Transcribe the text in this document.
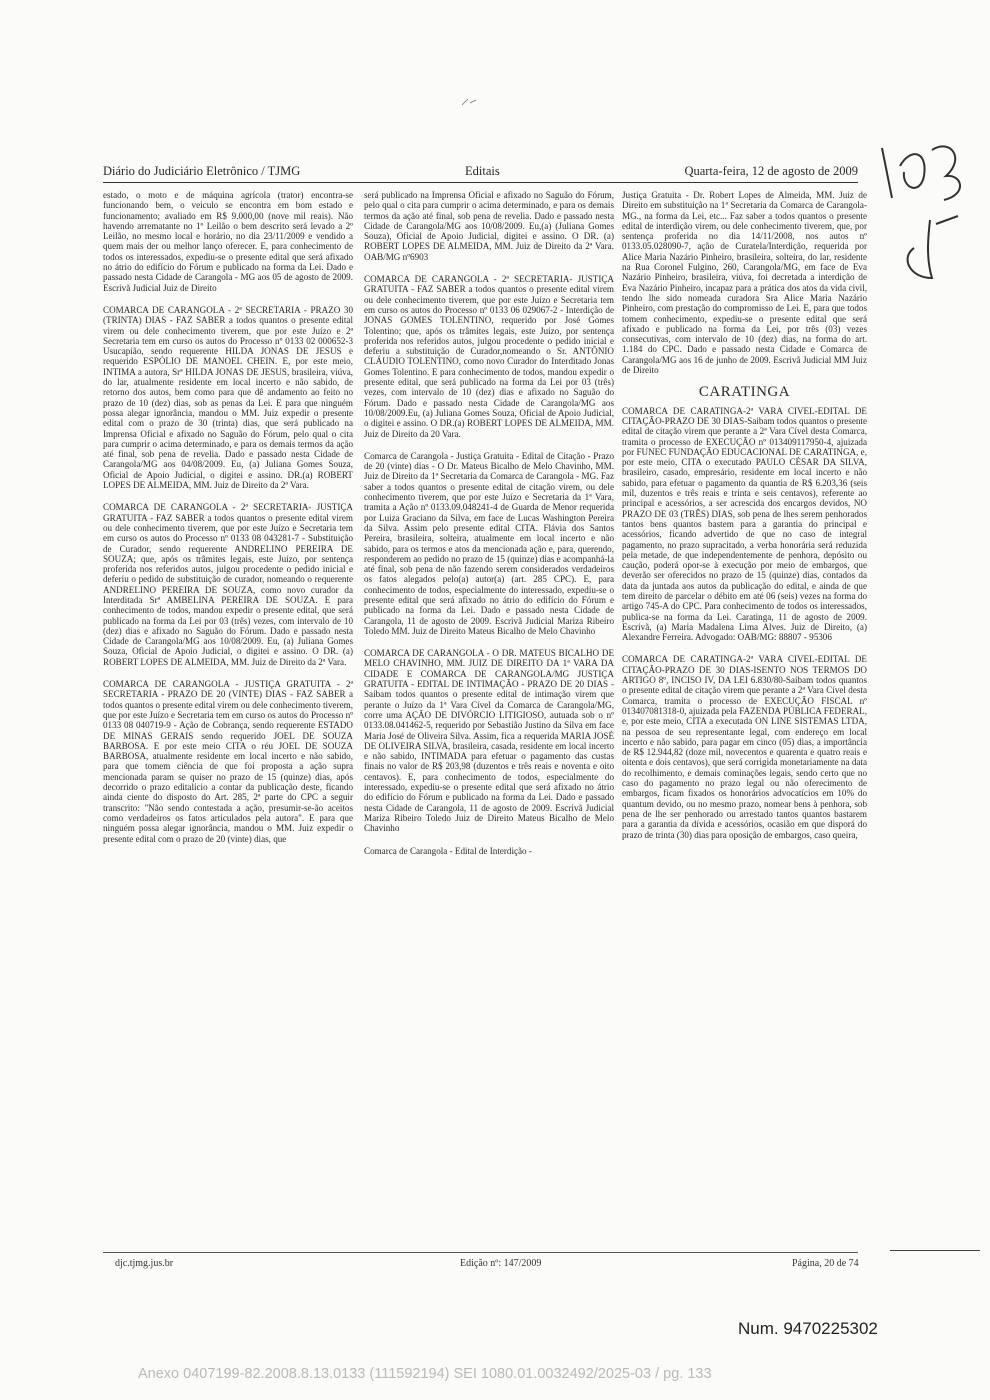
Diário do Judiciário Eletrônico / TJMG	Editais	Quarta-feira, 12 de agosto de 2009

estado, o moto e de máquina agrícola (trator) encontra-se funcionando bem, o veiculo se encontra em bom estado e funcionamento; avaliado em R$ 9.000,00 (nove mil reais). Não havendo arrematante no 1º Leilão o bem descrito será levado a 2º Leilão, no mesmo local e horário, no dia 23/11/2009 e vendido a quem mais der ou melhor lanço oferecer. E, para conhecimento de todos os interessados, expediu-se o presente edital que será afixado no átrio do edifício do Fórum e publicado na forma da Lei. Dado e passado nesta Cidade de Carangola - MG aos 05 de agosto de 2009. Escrivã Judicial Juiz de Direito

COMARCA DE CARANGOLA - 2ª SECRETARIA - PRAZO 30 (TRINTA) DIAS - FAZ SABER a todos quantos o presente edital virem ou dele conhecimento tiverem, que por este Juízo e 2ª Secretaria tem em curso os autos do Processo nº 0133 02 000652-3 Usucapião, sendo requerente HILDA JONAS DE JESUS e requerido ESPÓLIO DE MANOEL CHEIN. E, por este meio, INTIMA a autora, Srª HILDA JONAS DE JESUS, brasileira, viúva, do lar, atualmente residente em local incerto e não sabido, de retorno dos autos, bem como para que dê andamento ao feito no prazo de 10 (dez) dias, sob as penas da Lei. E para que ninguém possa alegar ignorância, mandou o MM. Juiz expedir o presente edital com o prazo de 30 (trinta) dias, que será publicado na Imprensa Oficial e afixado no Saguão do Fórum, pelo qual o cita para cumprir o acima determinado, e para os demais termos da ação até final, sob pena de revelia. Dado e passado nesta Cidade de Carangola/MG aos 04/08/2009. Eu, (a) Juliana Gomes Souza, Oficial de Apoio Judicial, o digitei e assino. DR.(a) ROBERT LOPES DE ALMEIDA, MM. Juiz de Direito da 2ª Vara.

COMARCA DE CARANGOLA - 2ª SECRETARIA- JUSTIÇA GRATUITA - FAZ SABER a todos quantos o presente edital virem ou dele conhecimento tiverem, que por este Juízo e Secretaria tem em curso os autos do Processo nº 0133 08 043281-7 - Substituição de Curador, sendo requerente ANDRELINO PEREIRA DE SOUZA; que, após os trâmites legais, este Juízo, por sentença proferida nos referidos autos, julgou procedente o pedido inicial e deferiu o pedido de substituição de curador, nomeando o requerente ANDRELINO PEREIRA DE SOUZA, como novo curador da Interditada Srª AMBELINA PEREIRA DE SOUZA. E para conhecimento de todos, mandou expedir o presente edital, que será publicado na forma da Lei por 03 (três) vezes, com intervalo de 10 (dez) dias e afixado no Saguão do Fórum. Dado e passado nesta Cidade de Carangola/MG aos 10/08/2009. Eu, (a) Juliana Gomes Souza, Oficial de Apoio Judicial, o digitei e assino. O DR. (a) ROBERT LOPES DE ALMEIDA, MM. Juiz de Direito da 2ª Vara.

COMARCA DE CARANGOLA - JUSTIÇA GRATUITA - 2ª SECRETARIA - PRAZO DE 20 (VINTE) DIAS - FAZ SABER a todos quantos o presente edital virem ou dele conhecimento tiverem, que por este Juízo e Secretaria tem em curso os autos do Processo nº 0133 08 040719-9 - Ação de Cobrança, sendo requerente ESTADO DE MINAS GERAIS sendo requerido JOEL DE SOUZA BARBOSA. E por este meio CITA o réu JOEL DE SOUZA BARBOSA, atualmente residente em local incerto e não sabido, para que tomem ciência de que foi proposta a ação supra mencionada param se quiser no prazo de 15 (quinze) dias, após decorrido o prazo editalício a contar da publicação deste, ficando ainda ciente do disposto do Art. 285, 2ª parte do CPC a seguir transcrito: "Não sendo contestada a ação, presumir-se-ão aceitos como verdadeiros os fatos articulados pela autora". E para que ninguém possa alegar ignorância, mandou o MM. Juiz expedir o presente edital com o prazo de 20 (vinte) dias, que

será publicado na Imprensa Oficial e afixado no Saguão do Fórum, pelo qual o cita para cumprir o acima determinado, e para os demais termos da ação até final, sob pena de revelia. Dado e passado nesta Cidade de Carangola/MG aos 10/08/2009. Eu,(a) (Juliana Gomes Souza), Oficial de Apoio Judicial, digitei e assino. O DR. (a) ROBERT LOPES DE ALMEIDA, MM. Juiz de Direito da 2ª Vara. OAB/MG nº6903

COMARCA DE CARANGOLA - 2ª SECRETARIA- JUSTIÇA GRATUITA - FAZ SABER a todos quantos o presente edital virem ou dele conhecimento tiverem, que por este Juízo e Secretaria tem em curso os autos do Processo nº 0133 06 029067-2 - Interdição de JONAS GOMES TOLENTINO, requerido por José Gomes Tolentino; que, após os trâmites legais, este Juízo, por sentença proferida nos referidos autos, julgou procedente o pedido inicial e deferiu a substituição de Curador,nomeando o Sr. ANTÔNIO CLÁUDIO TOLENTINO, como novo Curador do Interditado Jonas Gomes Tolentino. E para conhecimento de todos, mandou expedir o presente edital, que será publicado na forma da Lei por 03 (três) vezes, com intervalo de 10 (dez) dias e afixado no Saguão do Fórum. Dado e passado nesta Cidade de Carangola/MG aos 10/08/2009.Eu, (a) Juliana Gomes Souza, Oficial de Apoio Judicial, o digitei e assino. O DR.(a) ROBERT LOPES DE ALMEIDA, MM. Juiz de Direito da 20 Vara.

Comarca de Carangola - Justiça Gratuita - Edital de Citação - Prazo de 20 (vinte) dias - O Dr. Mateus Bicalho de Melo Chavinho, MM. Juiz de Direito da 1ª Secretaria da Comarca de Carangola - MG. Faz saber a todos quantos o presente edital de citação virem, ou dele conhecimento tiverem, que por este Juízo e Secretaria da 1ª Vara, tramita a Ação nº 0133.09.048241-4 de Guarda de Menor requerida por Luiza Graciano da Silva, em face de Lucas Washington Pereira da Silva. Assim pelo presente edital CITA. Flávia dos Santos Pereira, brasileira, solteira, atualmente em local incerto e não sabido, para os termos e atos da mencionada ação e, para, querendo, responderem ao pedido no prazo de 15 (quinze) dias e acompanhá-la até final, sob pena de não fazendo serem considerados verdadeiros os fatos alegados pelo(a) autor(a) (art. 285 CPC). E, para conhecimento de todos, especialmente do interessado, expediu-se o presente edital que será afixado no átrio do edifício do Fórum e publicado na forma da Lei. Dado e passado nesta Cidade de Carangola, 11 de agosto de 2009. Escrivã Judicial Mariza Ribeiro Toledo MM. Juiz de Direito Mateus Bicalho de Melo Chavinho

COMARCA DE CARANGOLA - O DR. MATEUS BICALHO DE MELO CHAVINHO, MM. JUIZ DE DIREITO DA 1ª VARA DA CIDADE E COMARCA DE CARANGOLA/MG JUSTIÇA GRATUITA - EDITAL DE INTIMAÇÃO - PRAZO DE 20 DIAS - Saibam todos quantos o presente edital de intimação virem que perante o Juízo da 1ª Vara Cível da Comarca de Carangola/MG, corre uma AÇÃO DE DIVÓRCIO LITIGIOSO, autuada sob o nº 0133.08.041462-5, requerido por Sebastião Justino da Silva em face Maria José de Oliveira Silva. Assim, fica a requerida MARIA JOSÉ DE OLIVEIRA SILVA, brasileira, casada, residente em local incerto e não sabido, INTIMADA para efetuar o pagamento das custas finais no valor de R$ 203,98 (duzentos e três reais e noventa e oito centavos). E, para conhecimento de todos, especialmente do interessado, expediu-se o presente edital que será afixado no átrio do edifício do Fórum e publicado na forma da Lei. Dado e passado nesta Cidade de Carangola, 11 de agosto de 2009. Escrivã Judicial Mariza Ribeiro Toledo Juiz de Direito Mateus Bicalho de Melo Chavinho

Comarca de Carangola - Edital de Interdição -

Justiça Gratuita - Dr. Robert Lopes de Almeida, MM. Juiz de Direito em substituição na 1ª Secretaria da Comarca de Carangola-MG., na forma da Lei, etc... Faz saber a todos quantos o presente edital de interdição virem, ou dele conhecimento tiverem, que, por sentença proferida no dia 14/11/2008, nos autos nº 0133.05.028090-7, ação de Curatela/Interdição, requerida por Alice Maria Nazário Pinheiro, brasileira, solteira, do lar, residente na Rua Coronel Fulgino, 260, Carangola/MG, em face de Eva Nazário Pinheiro, brasileira, viúva, foi decretada a interdição de Eva Nazário Pinheiro, incapaz para a prática dos atos da vida civil, tendo lhe sido nomeada curadora Sra Alice Maria Nazário Pinheiro, com prestação do compromisso de Lei. E, para que todos tomem conhecimento, expediu-se o presente edital que será afixado e publicado na forma da Lei, por três (03) vezes consecutivas, com intervalo de 10 (dez) dias, na forma do art. 1.184 do CPC. Dado e passado nesta Cidade e Comarca de Carangola/MG aos 16 de junho de 2009. Escrivã Judicial MM Juiz de Direito

CARATINGA

COMARCA DE CARATINGA-2ª VARA CIVEL-EDITAL DE CITAÇÃO-PRAZO DE 30 DIAS-Saibam todos quantos o presente edital de citação virem que perante a 2ª Vara Cível desta Comarca, tramita o processo de EXECUÇÃO nº 013409117950-4, ajuizada por FUNEC FUNDAÇÃO EDUCACIONAL DE CARATINGA, e, por este meio, CITA o executado PAULO CÉSAR DA SILVA, brasileiro, casado, empresário, residente em local incerto e não sabido, para efetuar o pagamento da quantia de R$ 6.203,36 (seis mil, duzentos e três reais e trinta e seis centavos), referente ao principal e acessórios, a ser acrescida dos encargos devidos, NO PRAZO DE 03 (TRÊS) DIAS, sob pena de lhes serem penhorados tantos bens quantos bastem para a garantia do principal e acessórios, ficando advertido de que no caso de integral pagamento, no prazo supracitado, a verba honorária será reduzida pela metade, de que independentemente de penhora, depósito ou caução, poderá opor-se à execução por meio de embargos, que deverão ser oferecidos no prazo de 15 (quinze) dias, contados da data da juntada aos autos da publicação do edital, e ainda de que tem direito de parcelar o débito em até 06 (seis) vezes na forma do artigo 745-A do CPC. Para conhecimento de todos os interessados, publica-se na forma da Lei. Caratinga, 11 de agosto de 2009. Escrivã, (a) Maria Madalena Lima Alves. Juiz de Direito, (a) Alexandre Ferreira. Advogado: OAB/MG: 88807 - 95306

COMARCA DE CARATINGA-2ª VARA CIVEL-EDITAL DE CITAÇÃO-PRAZO DE 30 DIAS-ISENTO NOS TERMOS DO ARTIGO 8º, INCISO IV, DA LEI 6.830/80-Saibam todos quantos o presente edital de citação virem que perante a 2ª Vara Cível desta Comarca, tramita o processo de EXECUÇÃO FISCAL nº 013407081318-0, ajuizada pela FAZENDA PÚBLICA FEDERAL, e, por este meio, CITA a executada ON LINE SISTEMAS LTDA, na pessoa de seu representante legal, com endereço em local incerto e não sabido, para pagar em cinco (05) dias, a importância de R$ 12.944,82 (doze mil, novecentos e quarenta e quatro reais e oitenta e dois centavos), que será corrigida monetariamente na data do recolhimento, e demais cominações legais, sendo certo que no caso do pagamento no prazo legal ou não oferecimento de embargos, ficam fixados os honorários advocatícios em 10% do quantum devido, ou no mesmo prazo, nomear bens à penhora, sob pena de lhe ser penhorado ou arrestado tantos quantos bastarem para a garantia da dívida e acessórios, ocasião em que disporá do prazo de trinta (30) dias para oposição de embargos, caso queira,

djc.tjmg.jus.br	Edição nº: 147/2009	Página, 20 de 74
Num. 9470225302
Anexo 0407199-82.2008.8.13.0133 (111592194) SEI 1080.01.0032492/2025-03 / pg. 133
